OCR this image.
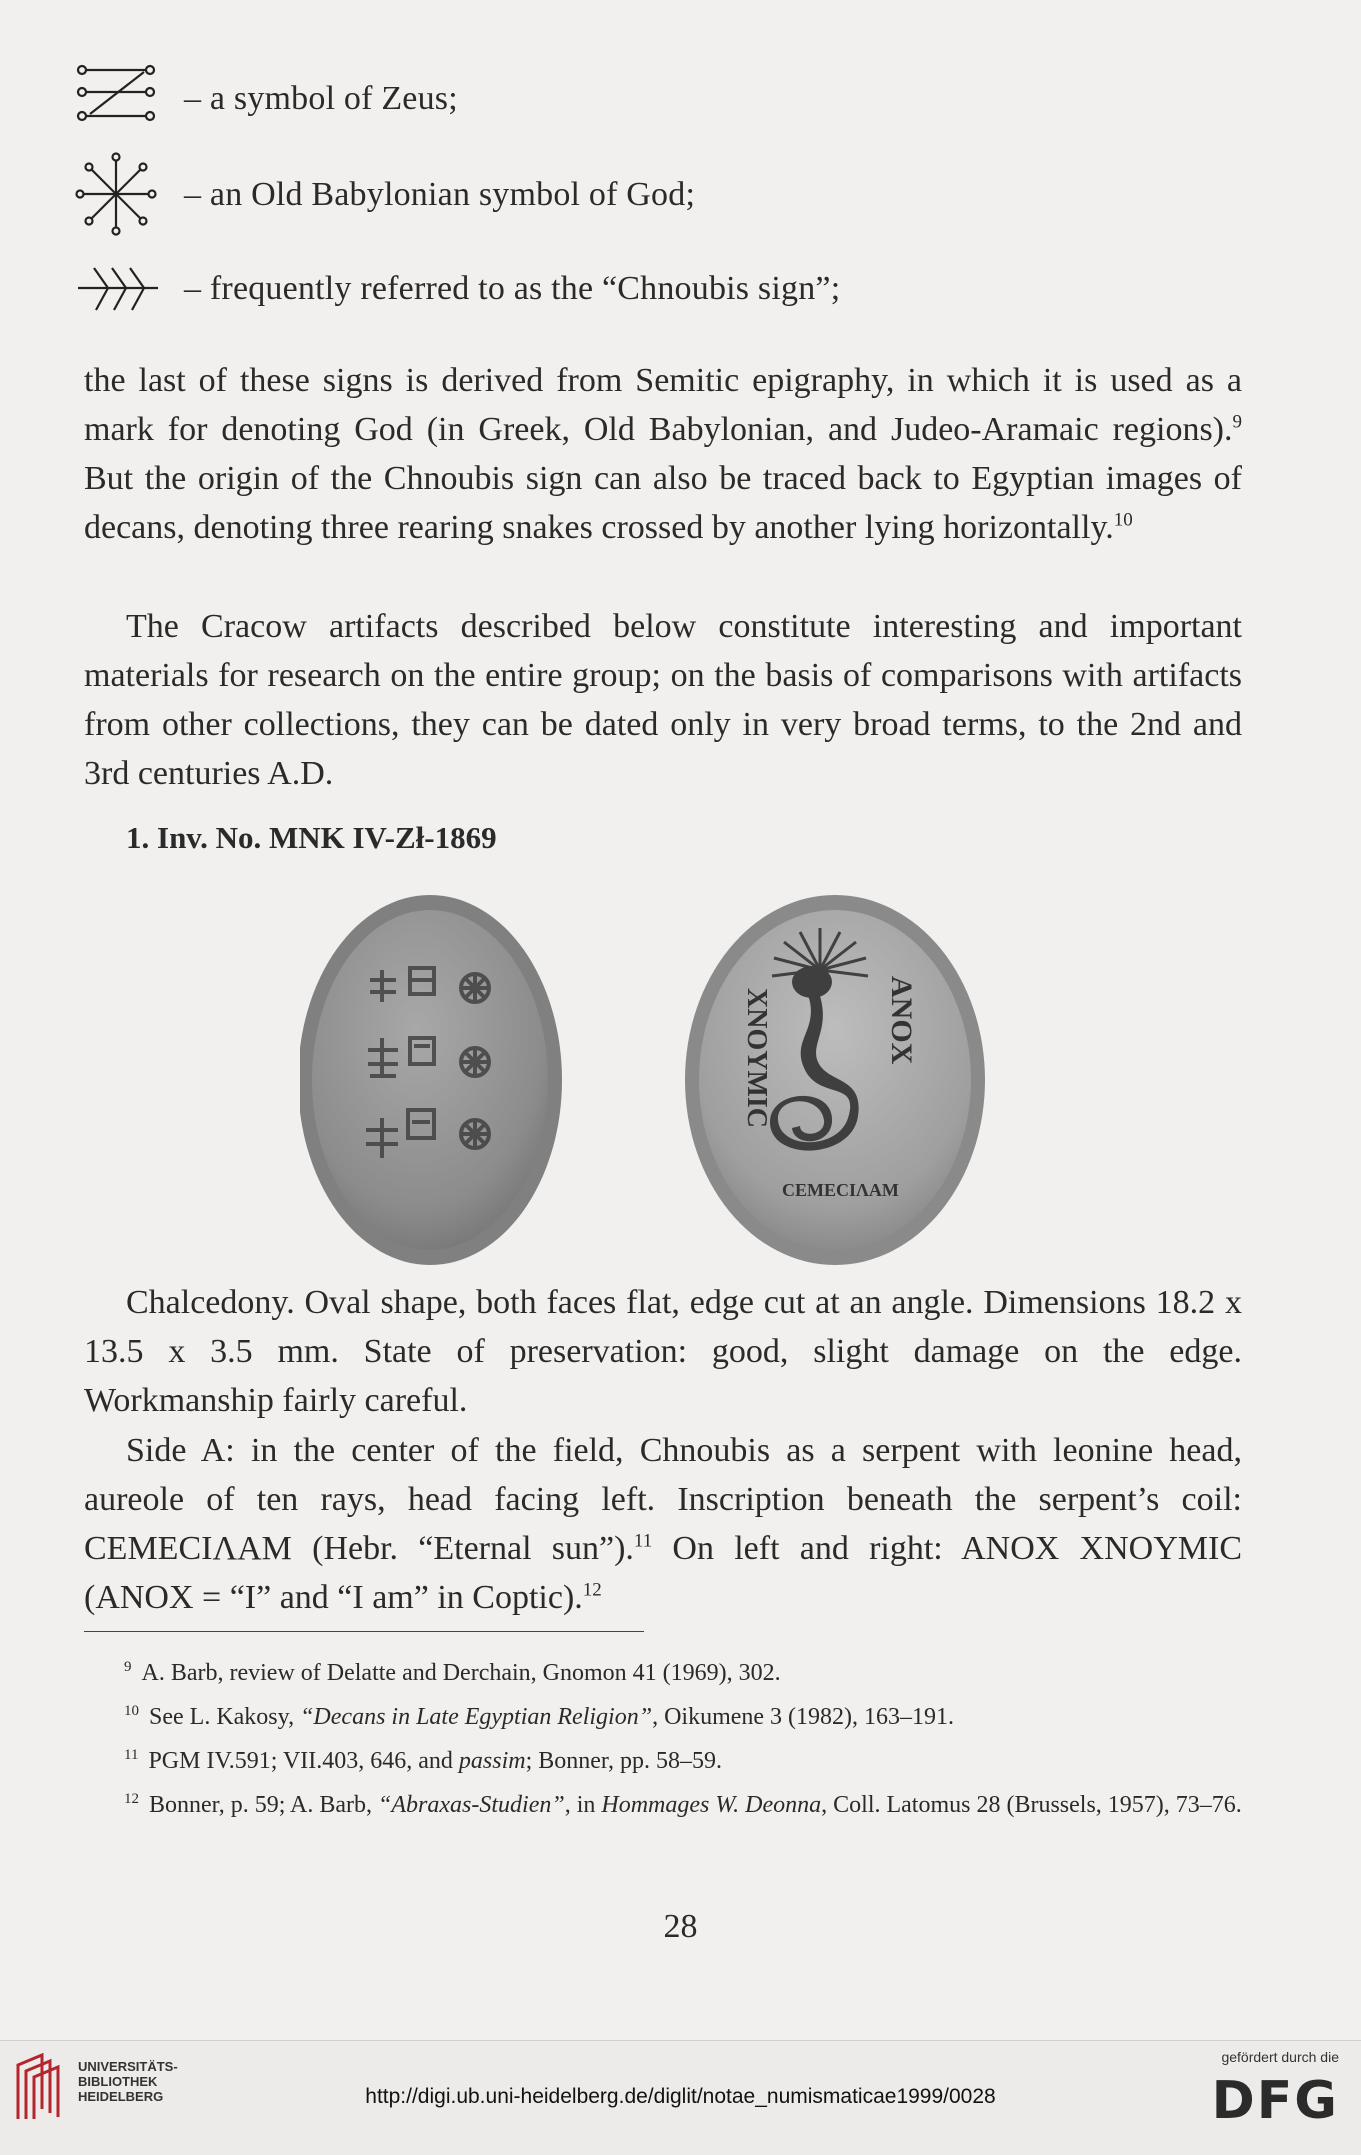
– a symbol of Zeus;
– an Old Babylonian symbol of God;
– frequently referred to as the “Chnoubis sign”;

the last of these signs is derived from Semitic epigraphy, in which it is used as a mark for denoting God (in Greek, Old Babylonian, and Judeo-Aramaic regions).$^9$ But the origin of the Chnoubis sign can also be traced back to Egyptian images of decans, denoting three rearing snakes crossed by another lying horizontally.$^{10}$

The Cracow artifacts described below constitute interesting and important materials for research on the entire group; on the basis of comparisons with artifacts from other collections, they can be dated only in very broad terms, to the 2nd and 3rd centuries A.D.

1. Inv. No. MNK IV-Zł-1869
ANOX
XNOYMIC
CEMECIΛΑΜ

Chalcedony. Oval shape, both faces flat, edge cut at an angle. Dimensions 18.2 x 13.5 x 3.5 mm. State of preservation: good, slight damage on the edge. Workmanship fairly careful.

Side A: in the center of the field, Chnoubis as a serpent with leonine head, aureole of ten rays, head facing left. Inscription beneath the serpent’s coil: CEMECIΛΑΜ (Hebr. “Eternal sun”).$^{11}$ On left and right: ANOX XNOYMIC (ANOX = “I” and “I am” in Coptic).$^{12}$

$^9$ A. Barb, review of Delatte and Derchain, Gnomon 41 (1969), 302.

$^{10}$ See L. Kakosy, “Decans in Late Egyptian Religion”, Oikumene 3 (1982), 163–191.

$^{11}$ PGM IV.591; VII.403, 646, and passim; Bonner, pp. 58–59.

$^{12}$ Bonner, p. 59; A. Barb, “Abraxas-Studien”, in Hommages W. Deonna, Coll. Latomus 28 (Brussels, 1957), 73–76.

28
UNIVERSITÄTS-
BIBLIOTHEK
HEIDELBERG	http://digi.ub.uni-heidelberg.de/diglit/notae_numismaticae1999/0028
gefördert durch die
DFG
